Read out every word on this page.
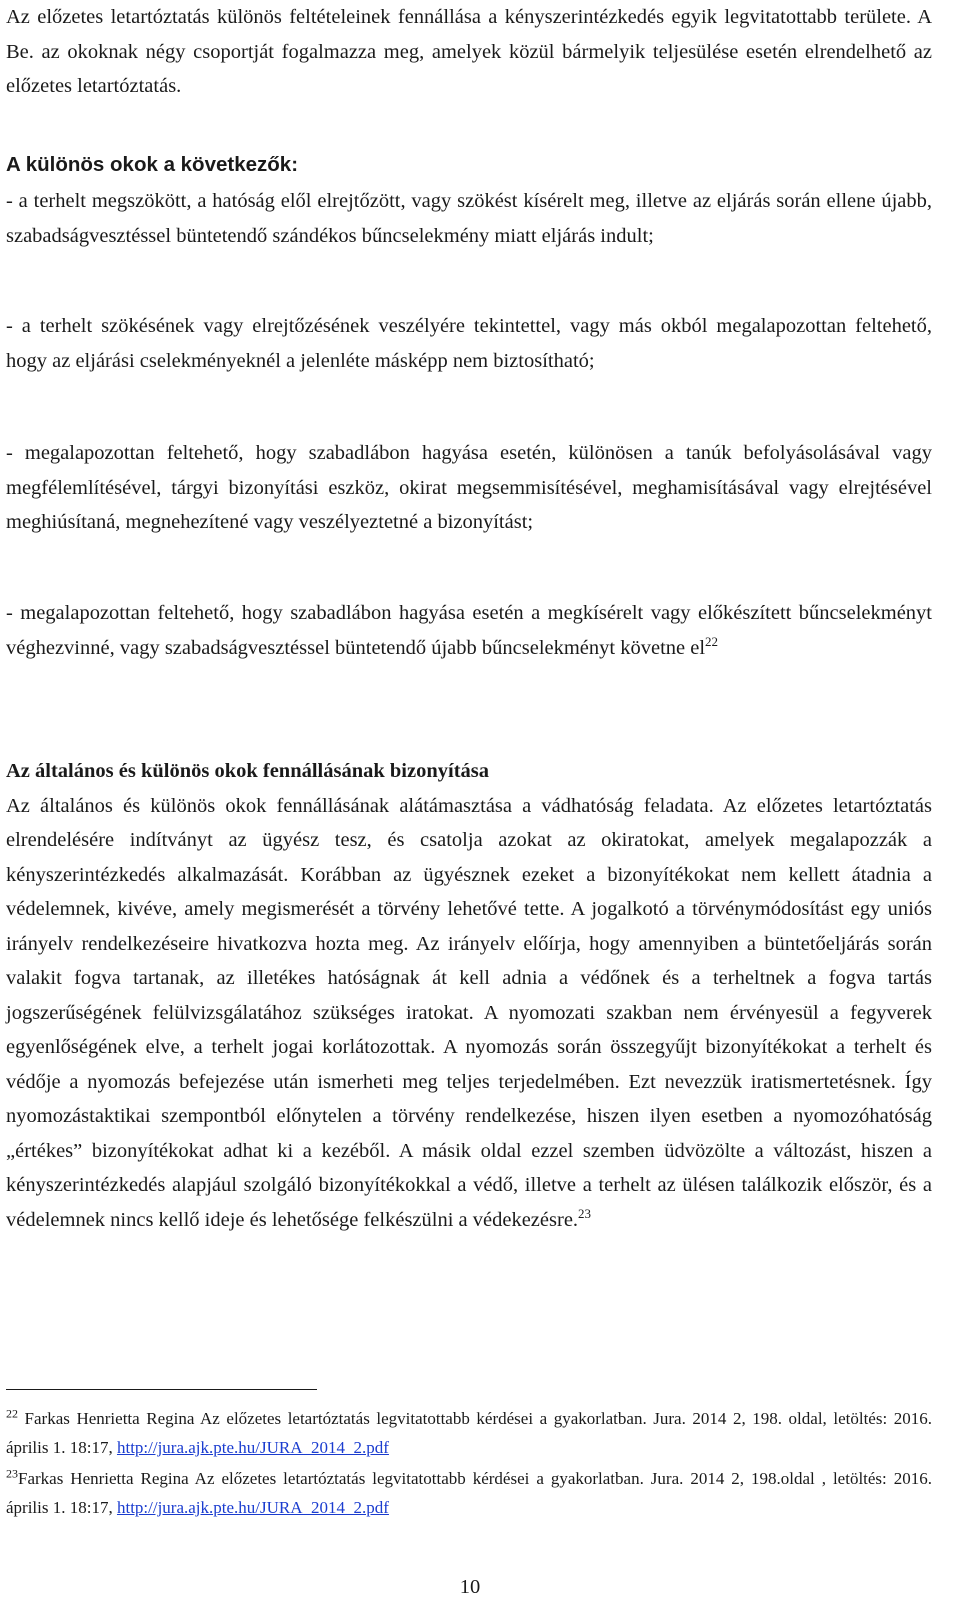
Az előzetes letartóztatás különös feltételeinek fennállása a kényszerintézkedés egyik legvitatottabb területe. A Be. az okoknak négy csoportját fogalmazza meg, amelyek közül bármelyik teljesülése esetén elrendelhető az előzetes letartóztatás.

A különös okok a következők:

- a terhelt megszökött, a hatóság elől elrejtőzött, vagy szökést kísérelt meg, illetve az eljárás során ellene újabb, szabadságvesztéssel büntetendő szándékos bűncselekmény miatt eljárás indult;

- a terhelt szökésének vagy elrejtőzésének veszélyére tekintettel, vagy más okból megalapozottan feltehető, hogy az eljárási cselekményeknél a jelenléte másképp nem biztosítható;

- megalapozottan feltehető, hogy szabadlábon hagyása esetén, különösen a tanúk befolyásolásával vagy megfélemlítésével, tárgyi bizonyítási eszköz, okirat megsemmisítésével, meghamisításával vagy elrejtésével meghiúsítaná, megnehezítené vagy veszélyeztetné a bizonyítást;

- megalapozottan feltehető, hogy szabadlábon hagyása esetén a megkísérelt vagy előkészített bűncselekményt véghezvinné, vagy szabadságvesztéssel büntetendő újabb bűncselekményt követne $el^{22}$

Az általános és különös okok fennállásának bizonyítása

Az általános és különös okok fennállásának alátámasztása a vádhatóság feladata. Az előzetes letartóztatás elrendelésére indítványt az ügyész tesz, és csatolja azokat az okiratokat, amelyek megalapozzák a kényszerintézkedés alkalmazását. Korábban az ügyésznek ezeket a bizonyítékokat nem kellett átadnia a védelemnek, kivéve, amely megismerését a törvény lehetővé tette. A jogalkotó a törvénymódosítást egy uniós irányelv rendelkezéseire hivatkozva hozta meg. Az irányelv előírja, hogy amennyiben a büntetőeljárás során valakit fogva tartanak, az illetékes hatóságnak át kell adnia a védőnek és a terheltnek a fogva tartás jogszerűségének felülvizsgálatához szükséges iratokat. A nyomozati szakban nem érvényesül a fegyverek egyenlőségének elve, a terhelt jogai korlátozottak. A nyomozás során összegyűjt bizonyítékokat a terhelt és védője a nyomozás befejezése után ismerheti meg teljes terjedelmében. Ezt nevezzük iratismertetésnek. Így nyomozástaktikai szempontból előnytelen a törvény rendelkezése, hiszen ilyen esetben a nyomozóhatóság „értékes” bizonyítékokat adhat ki a kezéből. A másik oldal ezzel szemben üdvözölte a változást, hiszen a kényszerintézkedés alapjául szolgáló bizonyítékokkal a védő, illetve a terhelt az ülésen találkozik először, és a védelemnek nincs kellő ideje és lehetősége felkészülni a védekezésre.$^{23}$

$^{22}$ Farkas Henrietta Regina Az előzetes letartóztatás legvitatottabb kérdései a gyakorlatban. Jura. 2014 2, 198. oldal, letöltés: 2016. április 1. 18:17, http://jura.ajk.pte.hu/JURA_2014_2.pdf
$^{23}$Farkas Henrietta Regina Az előzetes letartóztatás legvitatottabb kérdései a gyakorlatban. Jura. 2014 2, 198.oldal , letöltés: 2016. április 1. 18:17, http://jura.ajk.pte.hu/JURA_2014_2.pdf
10
